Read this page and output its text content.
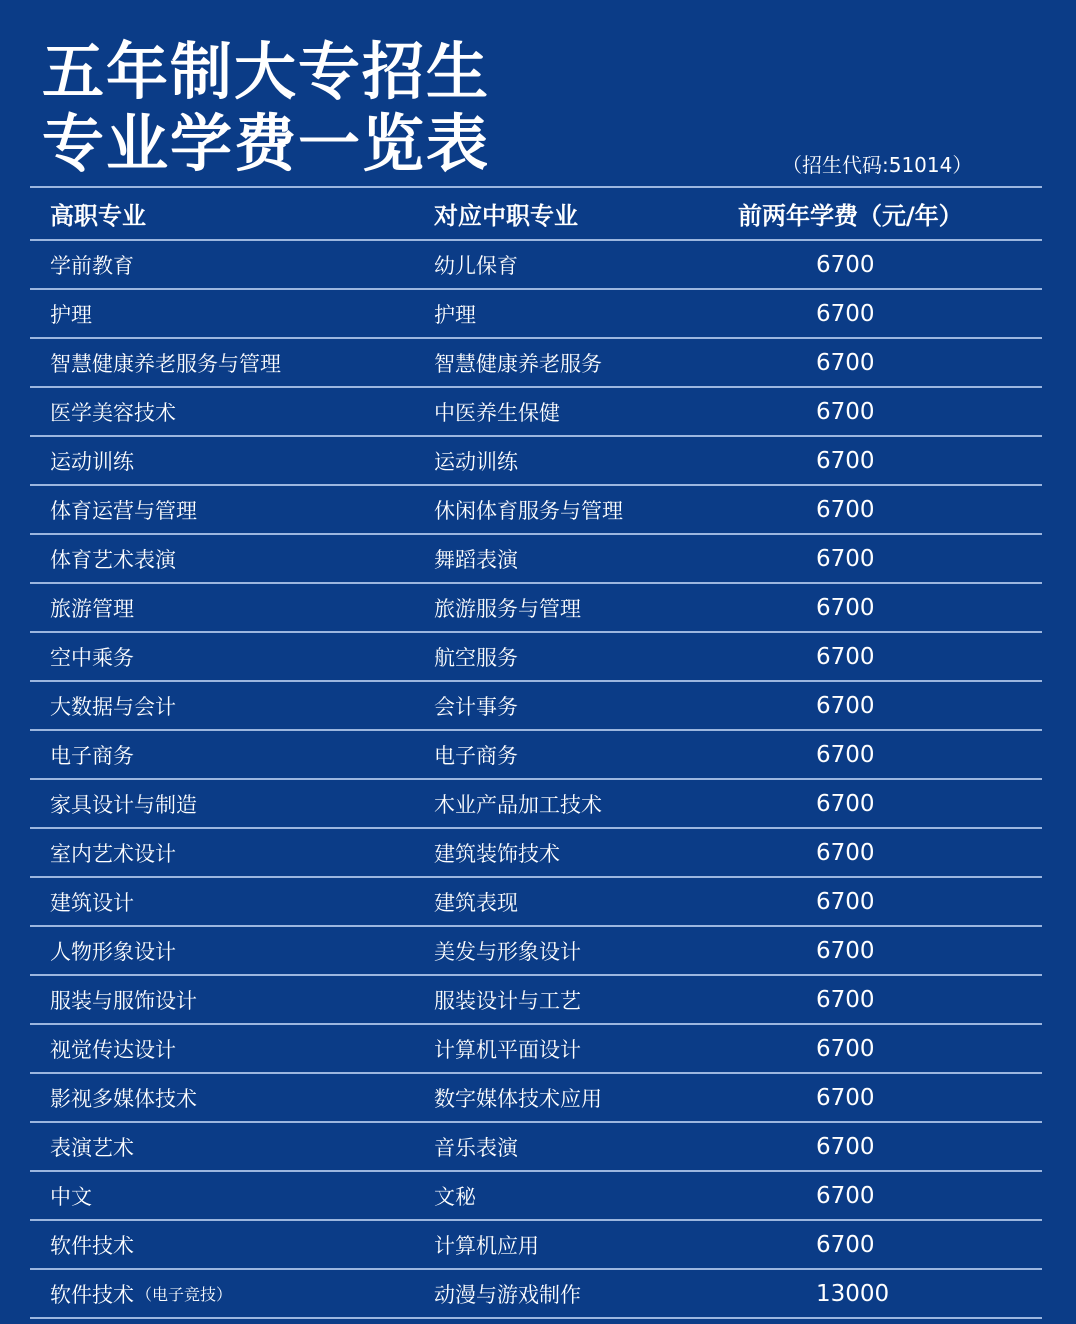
五年制大专招生
专业学费一览表	（招生代码:51014）
高职专业	对应中职专业	前两年学费（元/年）
学前教育	幼儿保育	6700
护理	护理	6700
智慧健康养老服务与管理	智慧健康养老服务	6700
医学美容技术	中医养生保健	6700
运动训练	运动训练	6700
体育运营与管理	休闲体育服务与管理	6700
体育艺术表演	舞蹈表演	6700
旅游管理	旅游服务与管理	6700
空中乘务	航空服务	6700
大数据与会计	会计事务	6700
电子商务	电子商务	6700
家具设计与制造	木业产品加工技术	6700
室内艺术设计	建筑装饰技术	6700
建筑设计	建筑表现	6700
人物形象设计	美发与形象设计	6700
服装与服饰设计	服装设计与工艺	6700
视觉传达设计	计算机平面设计	6700
影视多媒体技术	数字媒体技术应用	6700
表演艺术	音乐表演	6700
中文	文秘	6700
软件技术	计算机应用	6700
软件技术 （电子竞技）	动漫与游戏制作	13000
